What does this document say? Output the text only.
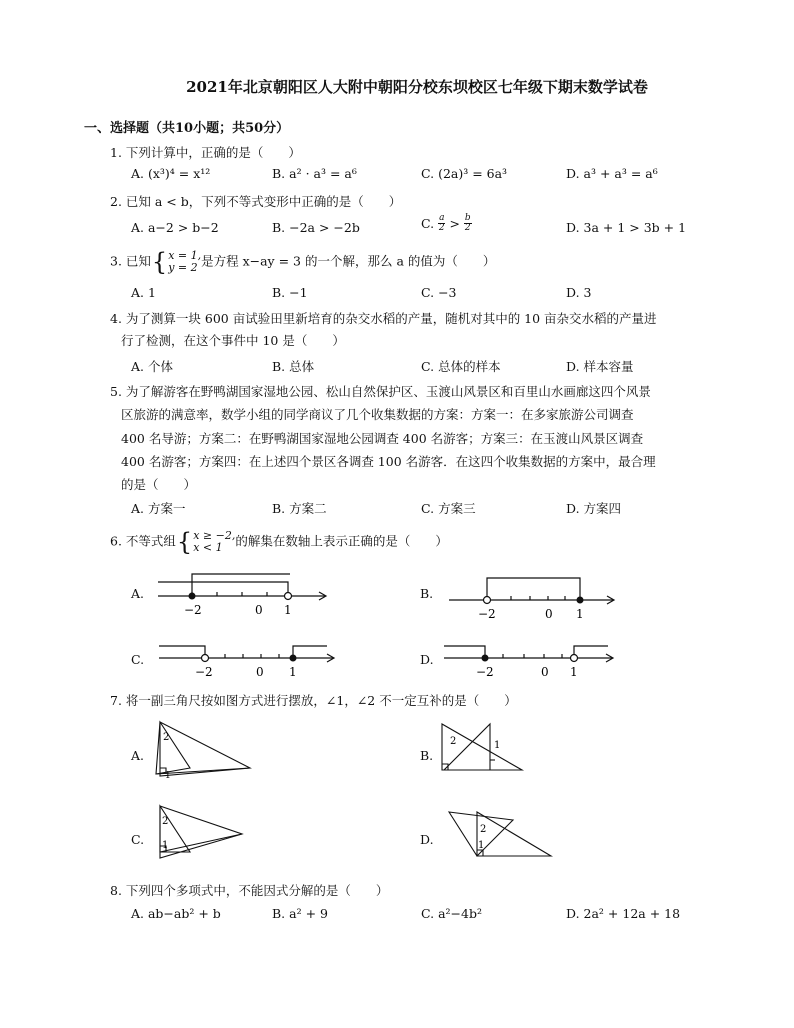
2021年北京朝阳区人大附中朝阳分校东坝校区七年级下期末数学试卷
一、选择题（共10小题；共50分）
1. 下列计算中，正确的是（　　）
A. (x³)⁴ = x¹²	B. a² · a³ = a⁶	C. (2a)³ = 6a³	D. a³ + a³ = a⁶
2. 已知 a < b，下列不等式变形中正确的是（　　）
A. a−2 > b−2	B. −2a > −2b	C. $\frac{a}{2} > \frac{b}{2}$	D. 3a + 1 > 3b + 1
3. 已知{ x = 1,
y = 2 是方程 x−ay = 3 的一个解，那么 a 的值为（　　）
A. 1	B. −1	C. −3	D. 3
4. 为了测算一块 600 亩试验田里新培育的杂交水稻的产量，随机对其中的 10 亩杂交水稻的产量进
行了检测，在这个事件中 10 是（　　）
A. 个体	B. 总体	C. 总体的样本	D. 样本容量
5. 为了解游客在野鸭湖国家湿地公园、松山自然保护区、玉渡山风景区和百里山水画廊这四个风景
区旅游的满意率，数学小组的同学商议了几个收集数据的方案：方案一：在多家旅游公司调查
400 名导游；方案二：在野鸭湖国家湿地公园调查 400 名游客；方案三：在玉渡山风景区调查
400 名游客；方案四：在上述四个景区各调查 100 名游客．在这四个收集数据的方案中，最合理
的是（　　）
A. 方案一	B. 方案二	C. 方案三	D. 方案四
6. 不等式组{ x ≥ −2,
x < 1	的解集在数轴上表示正确的是（　　）
A.	B.
C.	D.
−2	0 1	−2	0 1
−2	0 1	−2	0 1
7. 将一副三角尺按如图方式进行摆放，∠1，∠2 不一定互补的是（　　）
A.	B.
C.	D.
2
1
2	1
2
1
2
1
8. 下列四个多项式中，不能因式分解的是（　　）
A. ab−ab² + b	B. a² + 9	C. a²−4b²	D. 2a² + 12a + 18
